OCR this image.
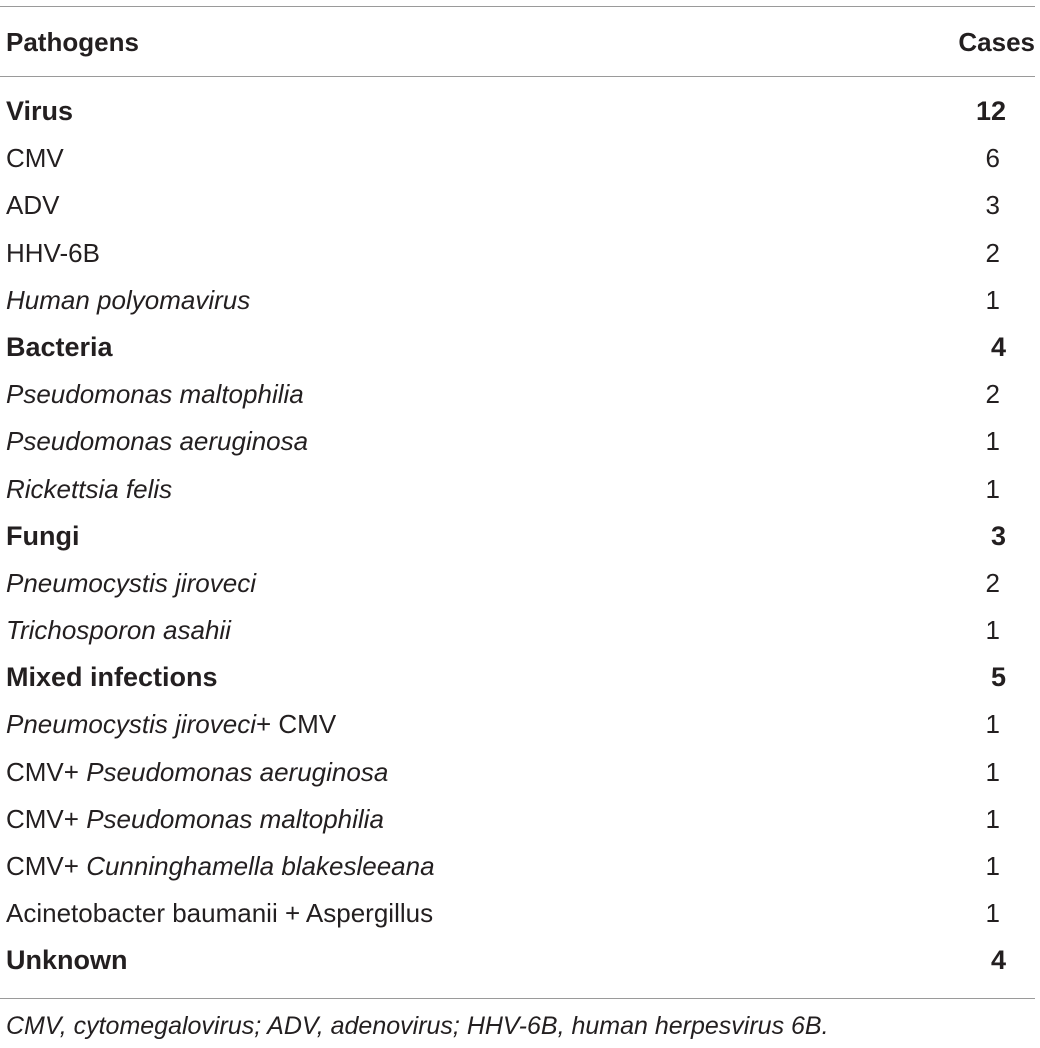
Pathogens	Cases
Virus	12
CMV	6
ADV	3
HHV-6B	2
Human polyomavirus	1
Bacteria	4
Pseudomonas maltophilia	2
Pseudomonas aeruginosa	1
Rickettsia felis	1
Fungi	3
Pneumocystis jiroveci	2
Trichosporon asahii	1
Mixed infections	5
Pneumocystis jiroveci+ CMV	1
CMV+ Pseudomonas aeruginosa	1
CMV+ Pseudomonas maltophilia	1
CMV+ Cunninghamella blakesleeana	1
Acinetobacter baumanii + Aspergillus	1
Unknown	4
CMV, cytomegalovirus; ADV, adenovirus; HHV-6B, human herpesvirus 6B.
